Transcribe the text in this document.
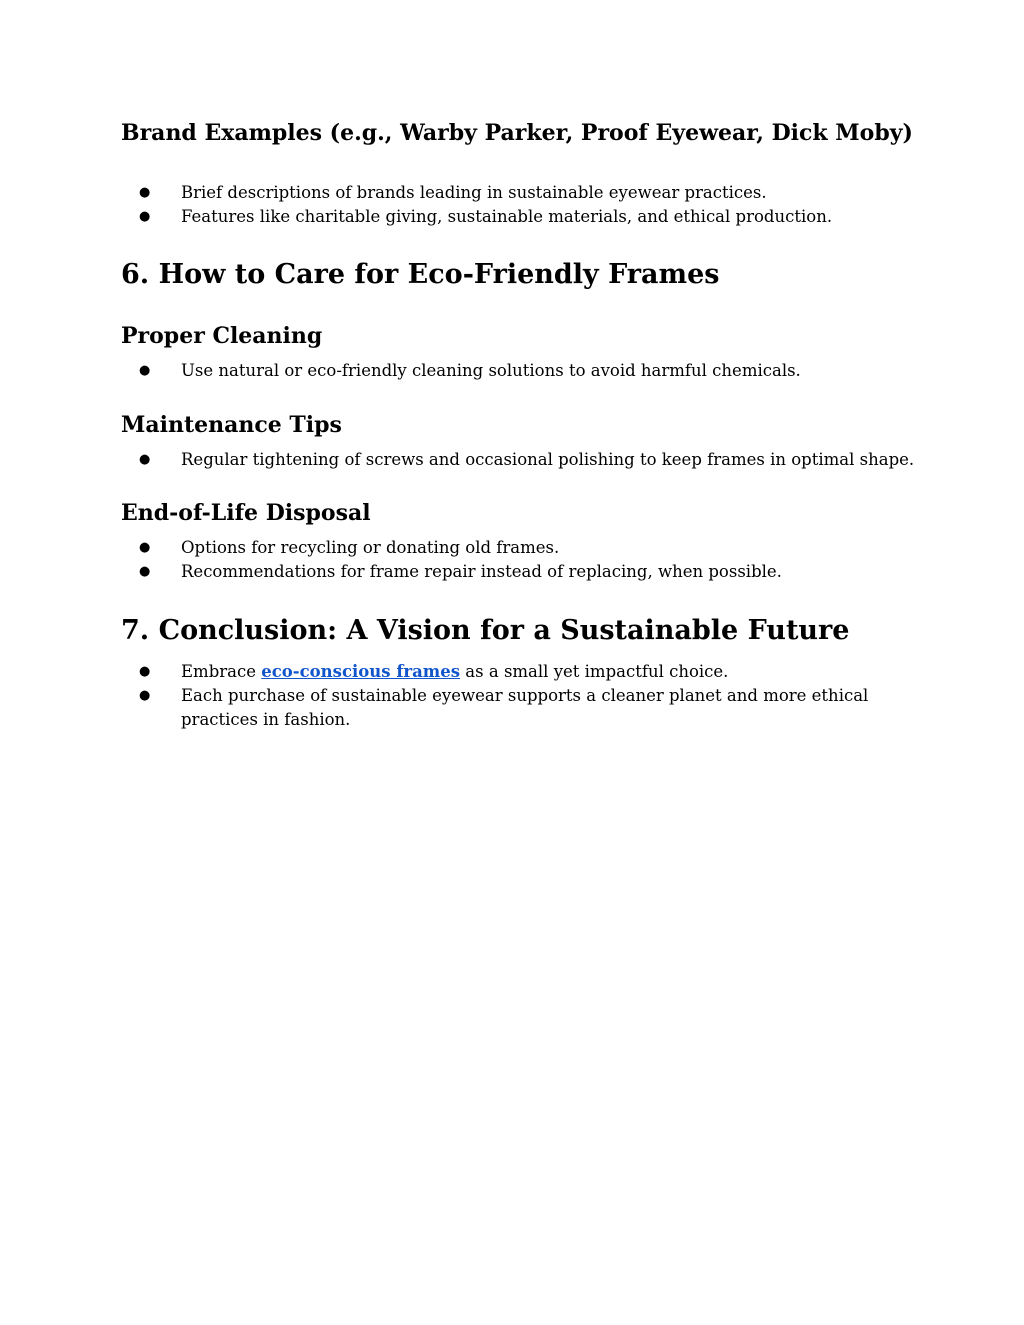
Brand Examples (e.g., Warby Parker, Proof Eyewear, Dick Moby)
● Brief descriptions of brands leading in sustainable eyewear practices.
● Features like charitable giving, sustainable materials, and ethical production.
6. How to Care for Eco-Friendly Frames
Proper Cleaning
● Use natural or eco-friendly cleaning solutions to avoid harmful chemicals.
Maintenance Tips
● Regular tightening of screws and occasional polishing to keep frames in optimal shape.
End-of-Life Disposal
● Options for recycling or donating old frames.
● Recommendations for frame repair instead of replacing, when possible.
7. Conclusion: A Vision for a Sustainable Future
● Embrace eco-conscious frames as a small yet impactful choice.
● Each purchase of sustainable eyewear supports a cleaner planet and more ethical
practices in fashion.
